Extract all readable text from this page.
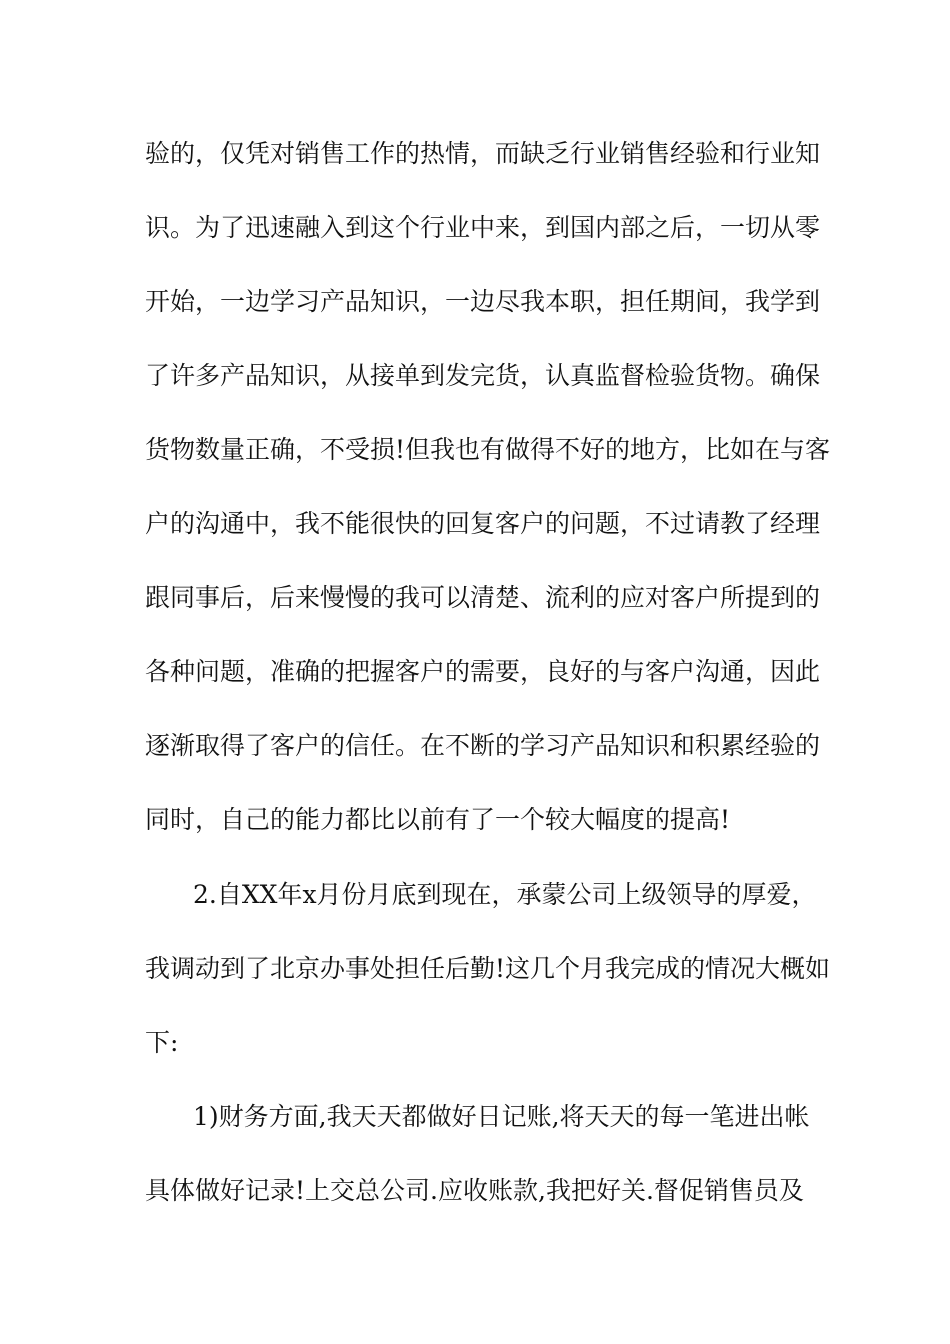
验的，仅凭对销售工作的热情，而缺乏行业销售经验和行业知
识。为了迅速融入到这个行业中来，到国内部之后，一切从零
开始，一边学习产品知识，一边尽我本职，担任期间，我学到
了许多产品知识，从接单到发完货，认真监督检验货物。确保
货物数量正确，不受损!但我也有做得不好的地方，比如在与客
户的沟通中，我不能很快的回复客户的问题，不过请教了经理
跟同事后，后来慢慢的我可以清楚、流利的应对客户所提到的
各种问题，准确的把握客户的需要，良好的与客户沟通，因此
逐渐取得了客户的信任。在不断的学习产品知识和积累经验的
同时，自己的能力都比以前有了一个较大幅度的提高!
2.自XX年x月份月底到现在，承蒙公司上级领导的厚爱，
我调动到了北京办事处担任后勤!这几个月我完成的情况大概如
下:
1)财务方面,我天天都做好日记账,将天天的每一笔进出帐
具体做好记录!上交总公司.应收账款,我把好关.督促销售员及
